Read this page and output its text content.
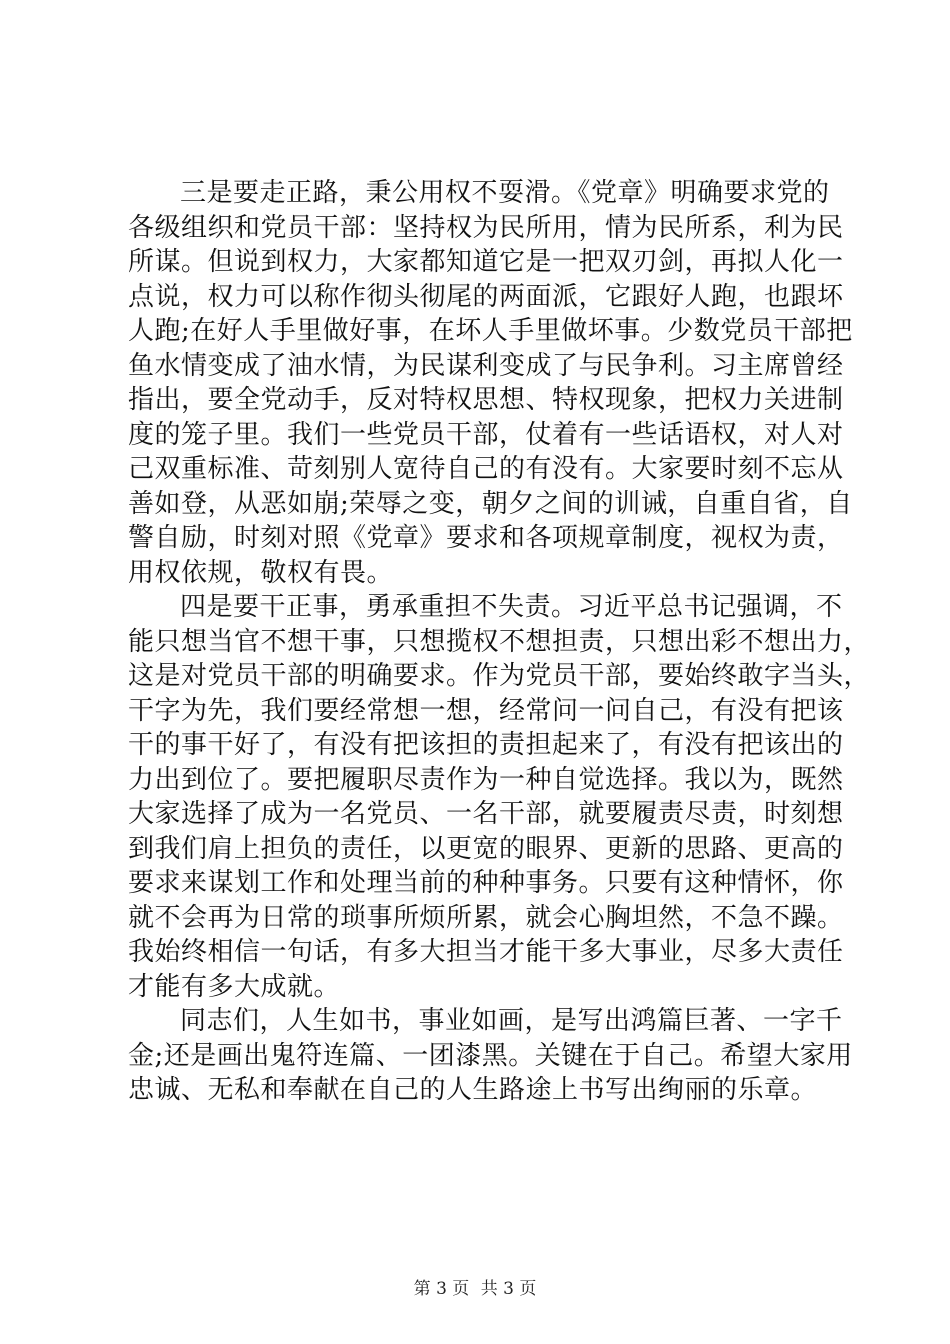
三是要走正路，秉公用权不耍滑。《党章》明确要求党的
各级组织和党员干部：坚持权为民所用，情为民所系，利为民
所谋。但说到权力，大家都知道它是一把双刃剑，再拟人化一
点说，权力可以称作彻头彻尾的两面派，它跟好人跑，也跟坏
人跑;在好人手里做好事，在坏人手里做坏事。少数党员干部把
鱼水情变成了油水情，为民谋利变成了与民争利。习主席曾经
指出，要全党动手，反对特权思想、特权现象，把权力关进制
度的笼子里。我们一些党员干部，仗着有一些话语权，对人对
己双重标准、苛刻别人宽待自己的有没有。大家要时刻不忘从
善如登，从恶如崩;荣辱之变，朝夕之间的训诫，自重自省，自
警自励，时刻对照《党章》要求和各项规章制度，视权为责，
用权依规，敬权有畏。
四是要干正事，勇承重担不失责。习近平总书记强调，不
能只想当官不想干事，只想揽权不想担责，只想出彩不想出力，
这是对党员干部的明确要求。作为党员干部，要始终敢字当头，
干字为先，我们要经常想一想，经常问一问自己，有没有把该
干的事干好了，有没有把该担的责担起来了，有没有把该出的
力出到位了。要把履职尽责作为一种自觉选择。我以为，既然
大家选择了成为一名党员、一名干部，就要履责尽责，时刻想
到我们肩上担负的责任，以更宽的眼界、更新的思路、更高的
要求来谋划工作和处理当前的种种事务。只要有这种情怀，你
就不会再为日常的琐事所烦所累，就会心胸坦然，不急不躁。
我始终相信一句话，有多大担当才能干多大事业，尽多大责任
才能有多大成就。
同志们，人生如书，事业如画，是写出鸿篇巨著、一字千
金;还是画出鬼符连篇、一团漆黑。关键在于自己。希望大家用
忠诚、无私和奉献在自己的人生路途上书写出绚丽的乐章。
第 3 页 共 3 页
